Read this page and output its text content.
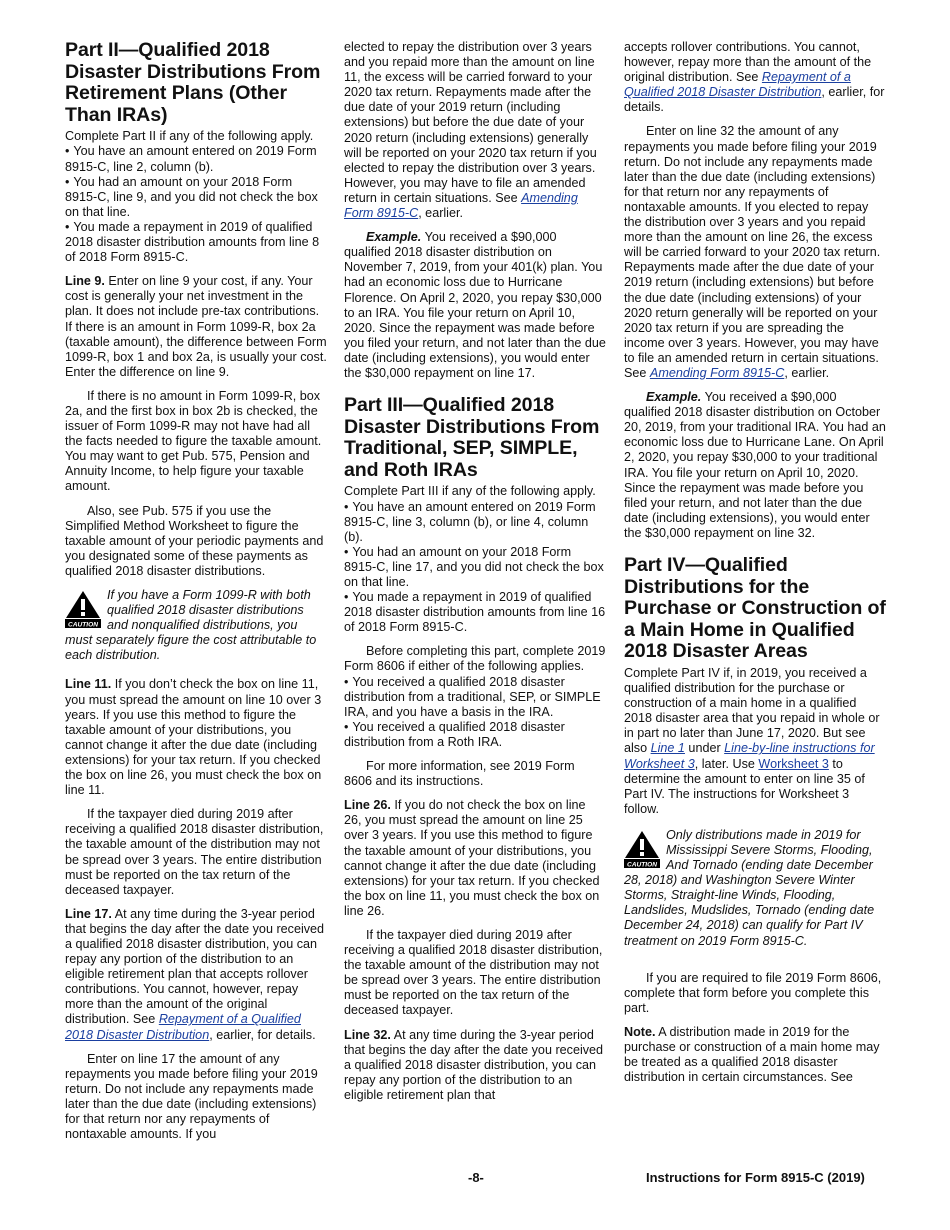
Part II—Qualified 2018 Disaster Distributions From Retirement Plans (Other Than IRAs)

Complete Part II if any of the following apply.

• You have an amount entered on 2019 Form 8915-C, line 2, column (b).

• You had an amount on your 2018 Form 8915-C, line 9, and you did not check the box on that line.

• You made a repayment in 2019 of qualified 2018 disaster distribution amounts from line 8 of 2018 Form 8915-C.

Line 9. Enter on line 9 your cost, if any. Your cost is generally your net investment in the plan. It does not include pre-tax contributions. If there is an amount in Form 1099-R, box 2a (taxable amount), the difference between Form 1099-R, box 1 and box 2a, is usually your cost. Enter the difference on line 9.

If there is no amount in Form 1099-R, box 2a, and the first box in box 2b is checked, the issuer of Form 1099-R may not have had all the facts needed to figure the taxable amount. You may want to get Pub. 575, Pension and Annuity Income, to help figure your taxable amount.

Also, see Pub. 575 if you use the Simplified Method Worksheet to figure the taxable amount of your periodic payments and you designated some of these payments as qualified 2018 disaster distributions.

CAUTION
If you have a Form 1099-R with both qualified 2018 disaster distributions and nonqualified distributions, you must separately figure the cost attributable to each distribution.

Line 11. If you don’t check the box on line 11, you must spread the amount on line 10 over 3 years. If you use this method to figure the taxable amount of your distributions, you cannot change it after the due date (including extensions) for your tax return. If you checked the box on line 26, you must check the box on line 11.

If the taxpayer died during 2019 after receiving a qualified 2018 disaster distribution, the taxable amount of the distribution may not be spread over 3 years. The entire distribution must be reported on the tax return of the deceased taxpayer.

Line 17. At any time during the 3-year period that begins the day after the date you received a qualified 2018 disaster distribution, you can repay any portion of the distribution to an eligible retirement plan that accepts rollover contributions. You cannot, however, repay more than the amount of the original distribution. See Repayment of a Qualified 2018 Disaster Distribution, earlier, for details.

Enter on line 17 the amount of any repayments you made before filing your 2019 return. Do not include any repayments made later than the due date (including extensions) for that return nor any repayments of nontaxable amounts. If you

elected to repay the distribution over 3 years and you repaid more than the amount on line 11, the excess will be carried forward to your 2020 tax return. Repayments made after the due date of your 2019 return (including extensions) but before the due date of your 2020 return (including extensions) generally will be reported on your 2020 tax return if you elected to repay the distribution over 3 years. However, you may have to file an amended return in certain situations. See Amending Form 8915-C, earlier.

Example. You received a $90,000 qualified 2018 disaster distribution on November 7, 2019, from your 401(k) plan. You had an economic loss due to Hurricane Florence. On April 2, 2020, you repay $30,000 to an IRA. You file your return on April 10, 2020. Since the repayment was made before you filed your return, and not later than the due date (including extensions), you would enter the $30,000 repayment on line 17.

Part III—Qualified 2018 Disaster Distributions From Traditional, SEP, SIMPLE, and Roth IRAs

Complete Part III if any of the following apply.

• You have an amount entered on 2019 Form 8915-C, line 3, column (b), or line 4, column (b).

• You had an amount on your 2018 Form 8915-C, line 17, and you did not check the box on that line.

• You made a repayment in 2019 of qualified 2018 disaster distribution amounts from line 16 of 2018 Form 8915-C.

Before completing this part, complete 2019 Form 8606 if either of the following applies.

• You received a qualified 2018 disaster distribution from a traditional, SEP, or SIMPLE IRA, and you have a basis in the IRA.

• You received a qualified 2018 disaster distribution from a Roth IRA.

For more information, see 2019 Form 8606 and its instructions.

Line 26. If you do not check the box on line 26, you must spread the amount on line 25 over 3 years. If you use this method to figure the taxable amount of your distributions, you cannot change it after the due date (including extensions) for your tax return. If you checked the box on line 11, you must check the box on line 26.

If the taxpayer died during 2019 after receiving a qualified 2018 disaster distribution, the taxable amount of the distribution may not be spread over 3 years. The entire distribution must be reported on the tax return of the deceased taxpayer.

Line 32. At any time during the 3-year period that begins the day after the date you received a qualified 2018 disaster distribution, you can repay any portion of the distribution to an eligible retirement plan that

accepts rollover contributions. You cannot, however, repay more than the amount of the original distribution. See Repayment of a Qualified 2018 Disaster Distribution, earlier, for details.

Enter on line 32 the amount of any repayments you made before filing your 2019 return. Do not include any repayments made later than the due date (including extensions) for that return nor any repayments of nontaxable amounts. If you elected to repay the distribution over 3 years and you repaid more than the amount on line 26, the excess will be carried forward to your 2020 tax return. Repayments made after the due date of your 2019 return (including extensions) but before the due date (including extensions) of your 2020 return generally will be reported on your 2020 tax return if you are spreading the income over 3 years. However, you may have to file an amended return in certain situations. See Amending Form 8915-C, earlier.

Example. You received a $90,000 qualified 2018 disaster distribution on October 20, 2019, from your traditional IRA. You had an economic loss due to Hurricane Lane. On April 2, 2020, you repay $30,000 to your traditional IRA. You file your return on April 10, 2020. Since the repayment was made before you filed your return, and not later than the due date (including extensions), you would enter the $30,000 repayment on line 32.

Part IV—Qualified Distributions for the Purchase or Construction of a Main Home in Qualified 2018 Disaster Areas

Complete Part IV if, in 2019, you received a qualified distribution for the purchase or construction of a main home in a qualified 2018 disaster area that you repaid in whole or in part no later than June 17, 2020. But see also Line 1 under Line-by-line instructions for Worksheet 3, later. Use Worksheet 3 to determine the amount to enter on line 35 of Part IV. The instructions for Worksheet 3 follow.

CAUTION
Only distributions made in 2019 for Mississippi Severe Storms, Flooding, And Tornado (ending date December 28, 2018) and Washington Severe Winter Storms, Straight-line Winds, Flooding, Landslides, Mudslides, Tornado (ending date December 24, 2018) can qualify for Part IV treatment on 2019 Form 8915-C.

If you are required to file 2019 Form 8606, complete that form before you complete this part.

Note. A distribution made in 2019 for the purchase or construction of a main home may be treated as a qualified 2018 disaster distribution in certain circumstances. See

-8-	Instructions for Form 8915-C (2019)
